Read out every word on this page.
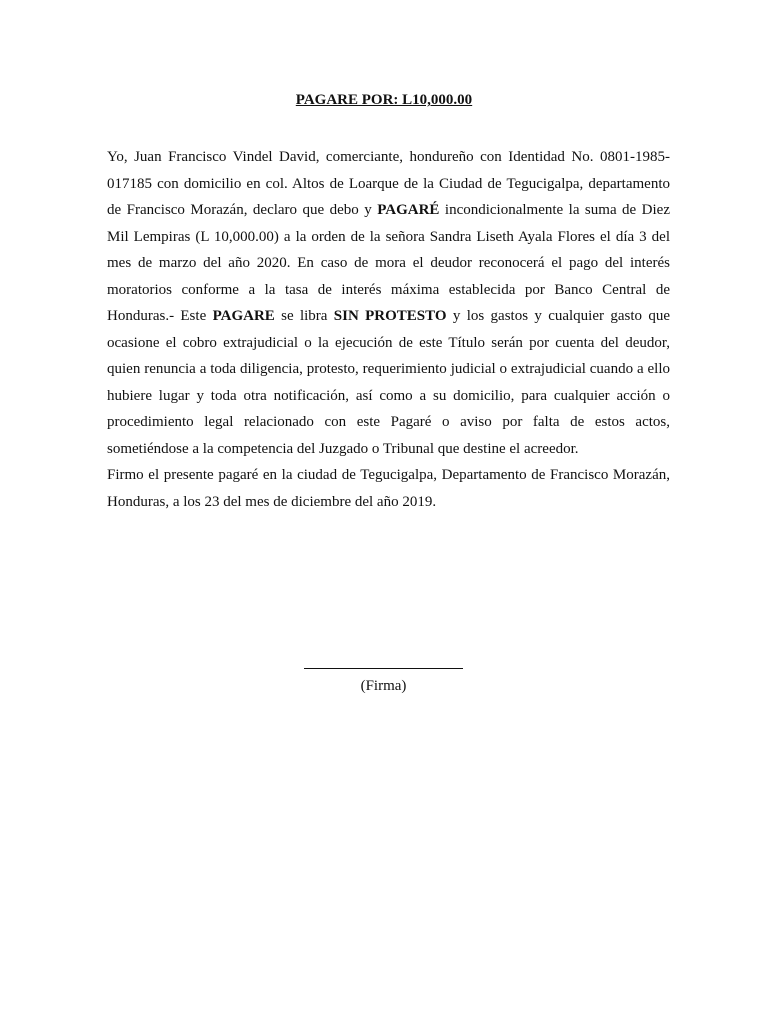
PAGARE POR: L10,000.00

Yo, Juan Francisco Vindel David, comerciante, hondureño con Identidad No. 0801-1985-017185 con domicilio en col. Altos de Loarque de la Ciudad de Tegucigalpa, departamento de Francisco Morazán, declaro que debo y PAGARÉ incondicionalmente la suma de Diez Mil Lempiras (L 10,000.00) a la orden de la señora Sandra Liseth Ayala Flores el día 3 del mes de marzo del año 2020. En caso de mora el deudor reconocerá el pago del interés moratorios conforme a la tasa de interés máxima establecida por Banco Central de Honduras.- Este PAGARE se libra SIN PROTESTO y los gastos y cualquier gasto que ocasione el cobro extrajudicial o la ejecución de este Título serán por cuenta del deudor, quien renuncia a toda diligencia, protesto, requerimiento judicial o extrajudicial cuando a ello hubiere lugar y toda otra notificación, así como a su domicilio, para cualquier acción o procedimiento legal relacionado con este Pagaré o aviso por falta de estos actos, sometiéndose a la competencia del Juzgado o Tribunal que destine el acreedor.

Firmo el presente pagaré en la ciudad de Tegucigalpa, Departamento de Francisco Morazán, Honduras, a los 23 del mes de diciembre del año 2019.

(Firma)
